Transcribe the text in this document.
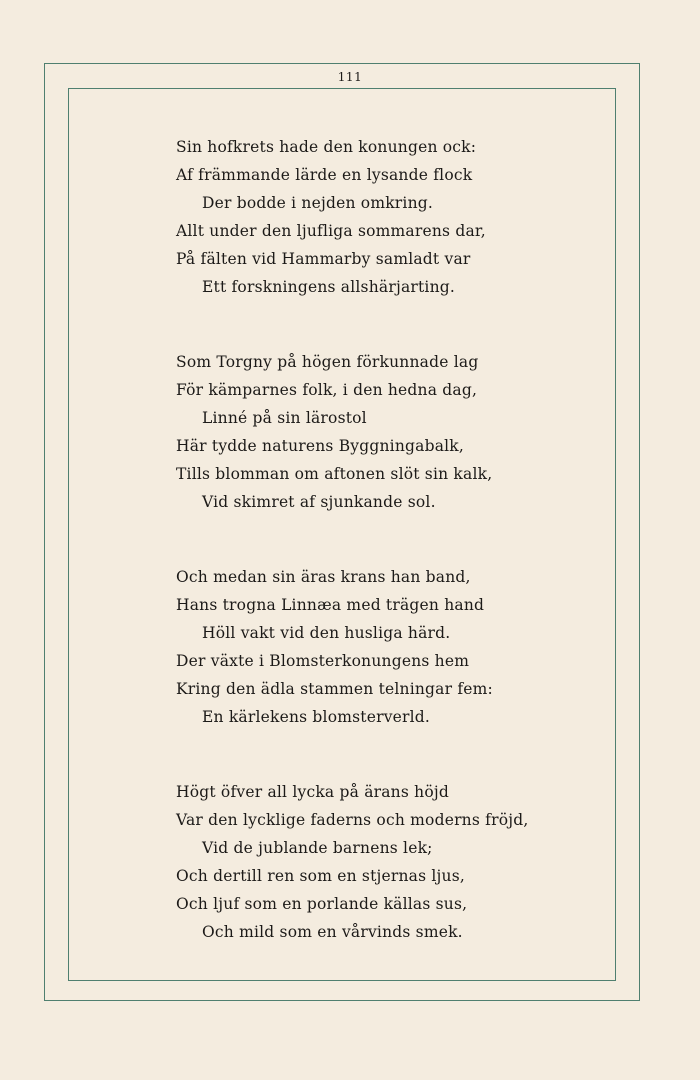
111
Sin hofkrets hade den konungen ock:
Af främmande lärde en lysande flock
Der bodde i nejden omkring.
Allt under den ljufliga sommarens dar,
På fälten vid Hammarby samladt var
Ett forskningens allshärjarting.
Som Torgny på högen förkunnade lag
För kämparnes folk, i den hedna dag,
Linné på sin lärostol
Här tydde naturens Byggningabalk,
Tills blomman om aftonen slöt sin kalk,
Vid skimret af sjunkande sol.
Och medan sin äras krans han band,
Hans trogna Linnæa med trägen hand
Höll vakt vid den husliga härd.
Der växte i Blomsterkonungens hem
Kring den ädla stammen telningar fem:
En kärlekens blomsterverld.
Högt öfver all lycka på ärans höjd
Var den lycklige faderns och moderns fröjd,
Vid de jublande barnens lek;
Och dertill ren som en stjernas ljus,
Och ljuf som en porlande källas sus,
Och mild som en vårvinds smek.
